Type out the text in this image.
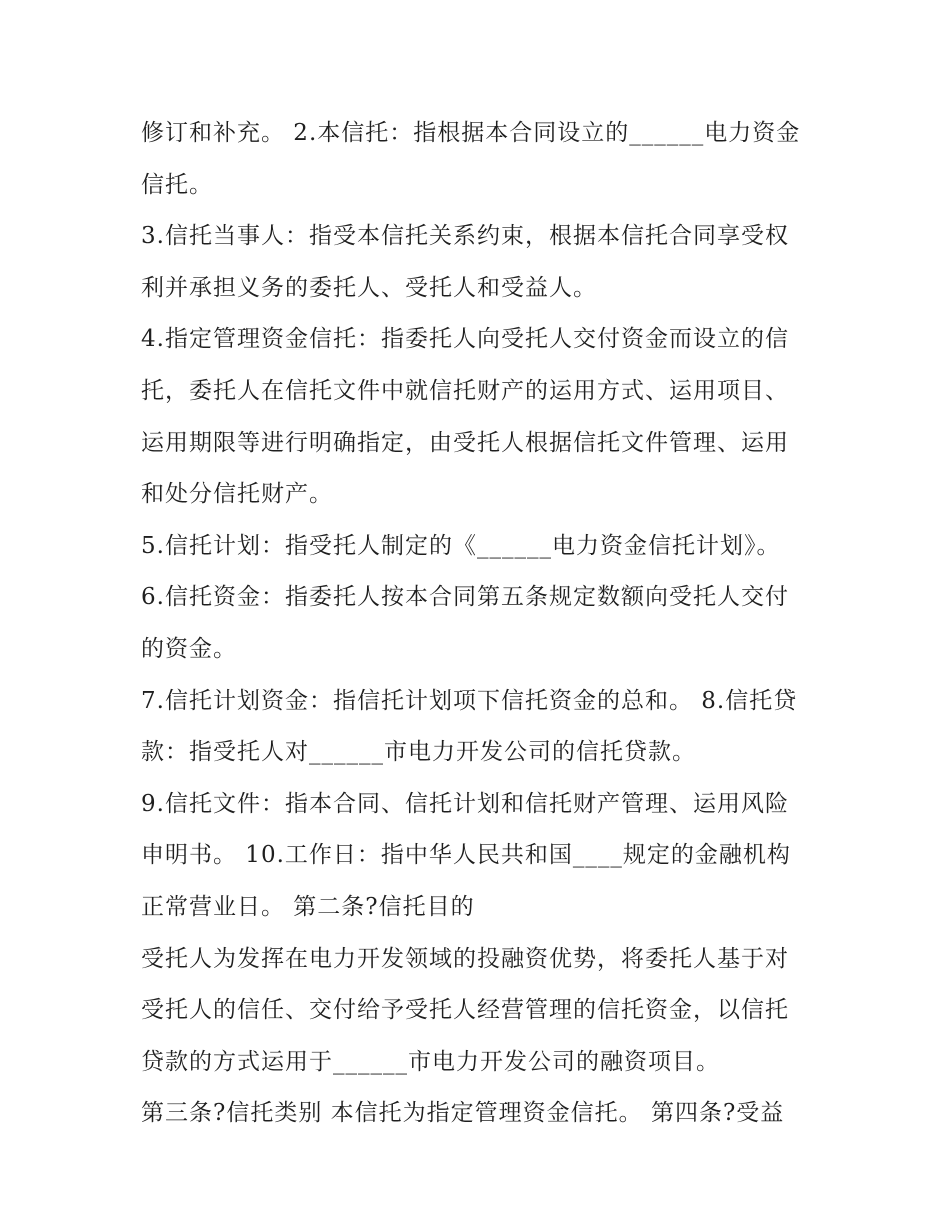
修订和补充。 2.本信托：指根据本合同设立的______电力资金
信托。
3.信托当事人：指受本信托关系约束，根据本信托合同享受权
利并承担义务的委托人、受托人和受益人。
4.指定管理资金信托：指委托人向受托人交付资金而设立的信
托，委托人在信托文件中就信托财产的运用方式、运用项目、
运用期限等进行明确指定，由受托人根据信托文件管理、运用
和处分信托财产。
5.信托计划：指受托人制定的《______电力资金信托计划》。
6.信托资金：指委托人按本合同第五条规定数额向受托人交付
的资金。
7.信托计划资金：指信托计划项下信托资金的总和。 8.信托贷
款：指受托人对______市电力开发公司的信托贷款。
9.信托文件：指本合同、信托计划和信托财产管理、运用风险
申明书。 10.工作日：指中华人民共和国____规定的金融机构
正常营业日。 第二条?信托目的
受托人为发挥在电力开发领域的投融资优势，将委托人基于对
受托人的信任、交付给予受托人经营管理的信托资金，以信托
贷款的方式运用于______市电力开发公司的融资项目。
第三条?信托类别 本信托为指定管理资金信托。 第四条?受益
